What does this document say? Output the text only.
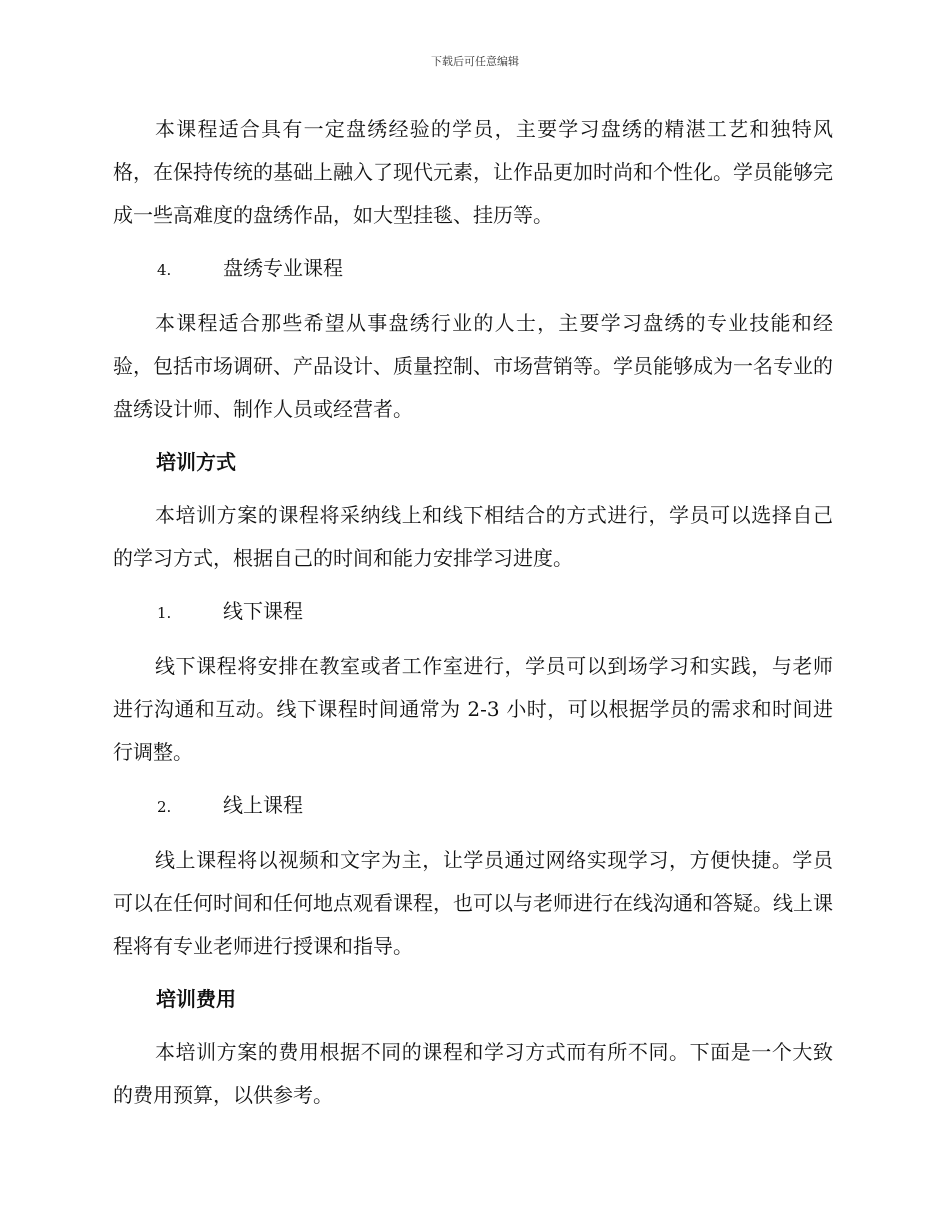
下载后可任意编辑

本课程适合具有一定盘绣经验的学员，主要学习盘绣的精湛工艺和独特风格，在保持传统的基础上融入了现代元素，让作品更加时尚和个性化。学员能够完成一些高难度的盘绣作品，如大型挂毯、挂历等。

4.	盘绣专业课程

本课程适合那些希望从事盘绣行业的人士，主要学习盘绣的专业技能和经验，包括市场调研、产品设计、质量控制、市场营销等。学员能够成为一名专业的盘绣设计师、制作人员或经营者。

培训方式

本培训方案的课程将采纳线上和线下相结合的方式进行，学员可以选择自己的学习方式，根据自己的时间和能力安排学习进度。

1.	线下课程

线下课程将安排在教室或者工作室进行，学员可以到场学习和实践，与老师进行沟通和互动。线下课程时间通常为 2-3 小时，可以根据学员的需求和时间进行调整。

2.	线上课程

线上课程将以视频和文字为主，让学员通过网络实现学习，方便快捷。学员可以在任何时间和任何地点观看课程，也可以与老师进行在线沟通和答疑。线上课程将有专业老师进行授课和指导。

培训费用

本培训方案的费用根据不同的课程和学习方式而有所不同。下面是一个大致的费用预算，以供参考。
